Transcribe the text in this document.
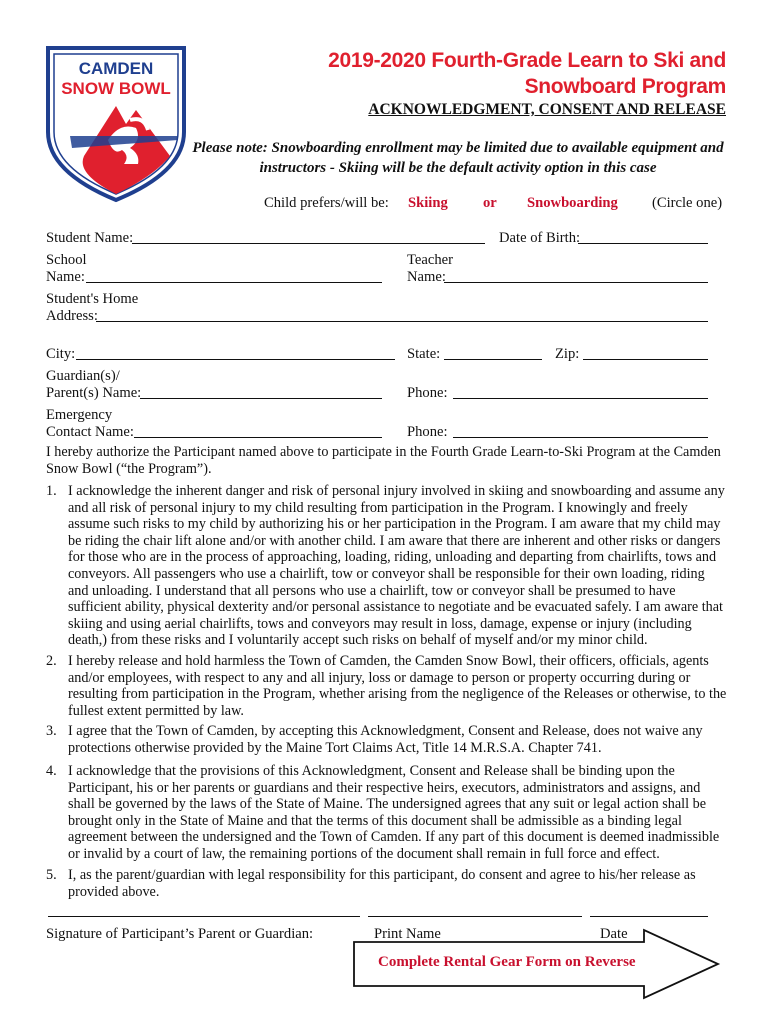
CAMDEN
SNOW BOWL
2019-2020 Fourth-Grade Learn to Ski and
Snowboard Program
ACKNOWLEDGMENT, CONSENT AND RELEASE
Please note: Snowboarding enrollment may be limited due to available equipment and
instructors - Skiing will be the default activity option in this case
Child prefers/will be: Skiing or Snowboarding (Circle one)
Student Name:	Date of Birth:
School
Name:
Teacher
Name:
Student's Home
Address:
City:	State:	Zip:
Guardian(s)/
Parent(s) Name:	Phone:
Emergency
Contact Name:	Phone:
I hereby authorize the Participant named above to participate in the Fourth Grade Learn-to-Ski Program at the Camden Snow Bowl (“the Program”).
1. I acknowledge the inherent danger and risk of personal injury involved in skiing and snowboarding and assume any and all risk of personal injury to my child resulting from participation in the Program. I knowingly and freely assume such risks to my child by authorizing his or her participation in the Program. I am aware that my child may be riding the chair lift alone and/or with another child. I am aware that there are inherent and other risks or dangers for those who are in the process of approaching, loading, riding, unloading and departing from chairlifts, tows and conveyors. All passengers who use a chairlift, tow or conveyor shall be responsible for their own loading, riding and unloading. I understand that all persons who use a chairlift, tow or conveyor shall be presumed to have sufficient ability, physical dexterity and/or personal assistance to negotiate and be evacuated safely. I am aware that skiing and using aerial chairlifts, tows and conveyors may result in loss, damage, expense or injury (including death,) from these risks and I voluntarily accept such risks on behalf of myself and/or my minor child.
2. I hereby release and hold harmless the Town of Camden, the Camden Snow Bowl, their officers, officials, agents and/or employees, with respect to any and all injury, loss or damage to person or property occurring during or resulting from participation in the Program, whether arising from the negligence of the Releases or otherwise, to the fullest extent permitted by law.
3. I agree that the Town of Camden, by accepting this Acknowledgment, Consent and Release, does not waive any protections otherwise provided by the Maine Tort Claims Act, Title 14 M.R.S.A. Chapter 741.
4. I acknowledge that the provisions of this Acknowledgment, Consent and Release shall be binding upon the Participant, his or her parents or guardians and their respective heirs, executors, administrators and assigns, and shall be governed by the laws of the State of Maine. The undersigned agrees that any suit or legal action shall be brought only in the State of Maine and that the terms of this document shall be admissible as a binding legal agreement between the undersigned and the Town of Camden. If any part of this document is deemed inadmissible or invalid by a court of law, the remaining portions of the document shall remain in full force and effect.
5. I, as the parent/guardian with legal responsibility for this participant, do consent and agree to his/her release as provided above.
Signature of Participant’s Parent or Guardian:	Print Name	Date
Complete Rental Gear Form on Reverse
